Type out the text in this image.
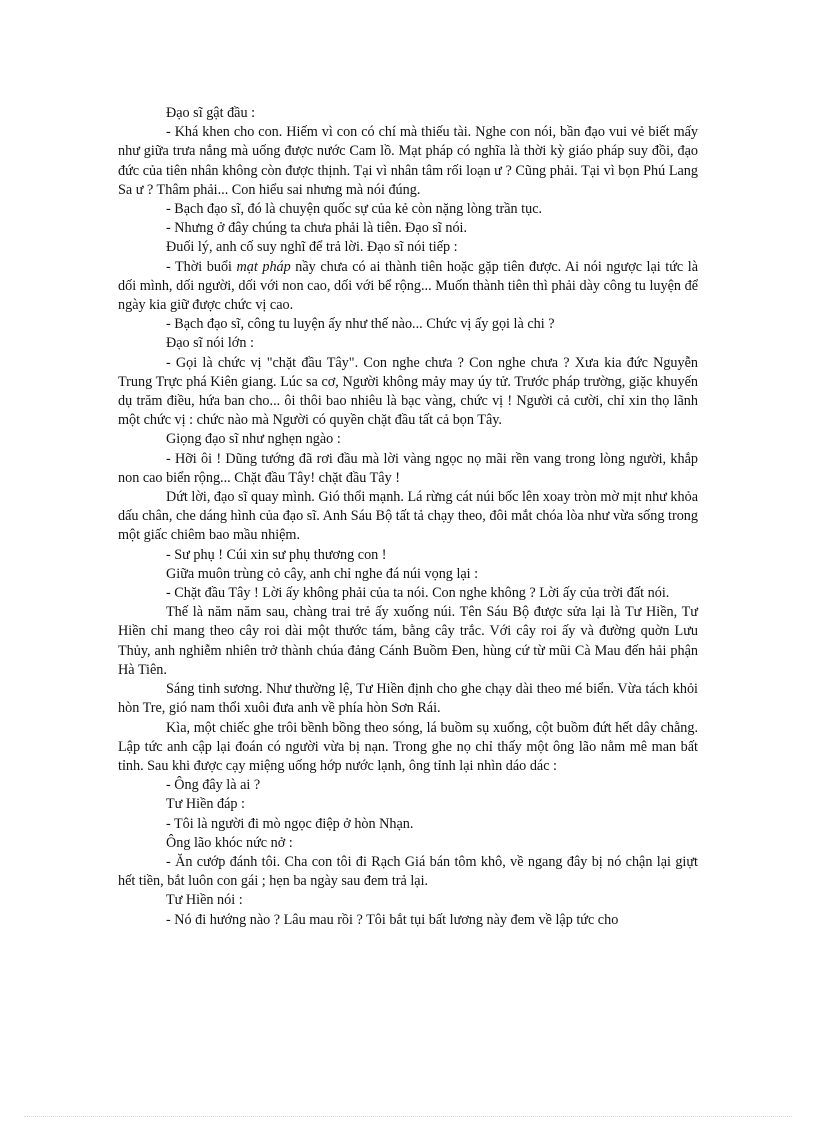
Đạo sĩ gật đầu :

- Khá khen cho con. Hiếm vì con có chí mà thiếu tài. Nghe con nói, bần đạo vui vẻ biết mấy như giữa trưa nắng mà uống được nước Cam lồ. Mạt pháp có nghĩa là thời kỳ giáo pháp suy đồi, đạo đức của tiên nhân không còn được thịnh. Tại vì nhân tâm rối loạn ư ? Cũng phải. Tại vì bọn Phú Lang Sa ư ? Thâm phải... Con hiểu sai nhưng mà nói đúng.

- Bạch đạo sĩ, đó là chuyện quốc sự của kẻ còn nặng lòng trần tục.

- Nhưng ở đây chúng ta chưa phải là tiên. Đạo sĩ nói.

Đuối lý, anh cố suy nghĩ để trả lời. Đạo sĩ nói tiếp :

- Thời buổi mạt pháp nầy chưa có ai thành tiên hoặc gặp tiên được. Ai nói ngược lại tức là dối mình, dối người, dối với non cao, dối với bể rộng... Muốn thành tiên thì phải dày công tu luyện để ngày kia giữ được chức vị cao.

- Bạch đạo sĩ, công tu luyện ấy như thế nào... Chức vị ấy gọi là chi ?

Đạo sĩ nói lớn :

- Gọi là chức vị "chặt đầu Tây". Con nghe chưa ? Con nghe chưa ? Xưa kia đức Nguyễn Trung Trực phá Kiên giang. Lúc sa cơ, Người không mảy may úy tử. Trước pháp trường, giặc khuyến dụ trăm điều, hứa ban cho... ôi thôi bao nhiêu là bạc vàng, chức vị ! Người cả cười, chỉ xin thọ lãnh một chức vị : chức nào mà Người có quyền chặt đầu tất cả bọn Tây.

Giọng đạo sĩ như nghẹn ngào :

- Hỡi ôi ! Dũng tướng đã rơi đầu mà lời vàng ngọc nọ mãi rền vang trong lòng người, khắp non cao biển rộng... Chặt đầu Tây! chặt đầu Tây !

Dứt lời, đạo sĩ quay mình. Gió thổi mạnh. Lá rừng cát núi bốc lên xoay tròn mờ mịt như khỏa dấu chân, che dáng hình của đạo sĩ. Anh Sáu Bộ tất tả chạy theo, đôi mắt chóa lòa như vừa sống trong một giấc chiêm bao mầu nhiệm.

- Sư phụ ! Cúi xin sư phụ thương con !

Giữa muôn trùng cỏ cây, anh chỉ nghe đá núi vọng lại :

- Chặt đầu Tây ! Lời ấy không phải của ta nói. Con nghe không ? Lời ấy của trời đất nói.

Thế là năm năm sau, chàng trai trẻ ấy xuống núi. Tên Sáu Bộ được sửa lại là Tư Hiền, Tư Hiền chỉ mang theo cây roi dài một thước tám, bằng cây trắc. Với cây roi ấy và đường quờn Lưu Thủy, anh nghiễm nhiên trở thành chúa đảng Cánh Buồm Đen, hùng cứ từ mũi Cà Mau đến hải phận Hà Tiên.

Sáng tinh sương. Như thường lệ, Tư Hiền định cho ghe chạy dài theo mé biển. Vừa tách khỏi hòn Tre, gió nam thổi xuôi đưa anh về phía hòn Sơn Rái.

Kìa, một chiếc ghe trôi bềnh bồng theo sóng, lá buồm sụ xuống, cột buồm đứt hết dây chằng. Lập tức anh cập lại đoán có người vừa bị nạn. Trong ghe nọ chỉ thấy một ông lão nằm mê man bất tỉnh. Sau khi được cạy miệng uống hớp nước lạnh, ông tỉnh lại nhìn dáo dác :

- Ông đây là ai ?

Tư Hiền đáp :

- Tôi là người đi mò ngọc điệp ở hòn Nhạn.

Ông lão khóc nức nở :

- Ăn cướp đánh tôi. Cha con tôi đi Rạch Giá bán tôm khô, về ngang đây bị nó chận lại giựt hết tiền, bắt luôn con gái ; hẹn ba ngày sau đem trả lại.

Tư Hiền nói :

- Nó đi hướng nào ? Lâu mau rồi ? Tôi bắt tụi bất lương này đem về lập tức cho
